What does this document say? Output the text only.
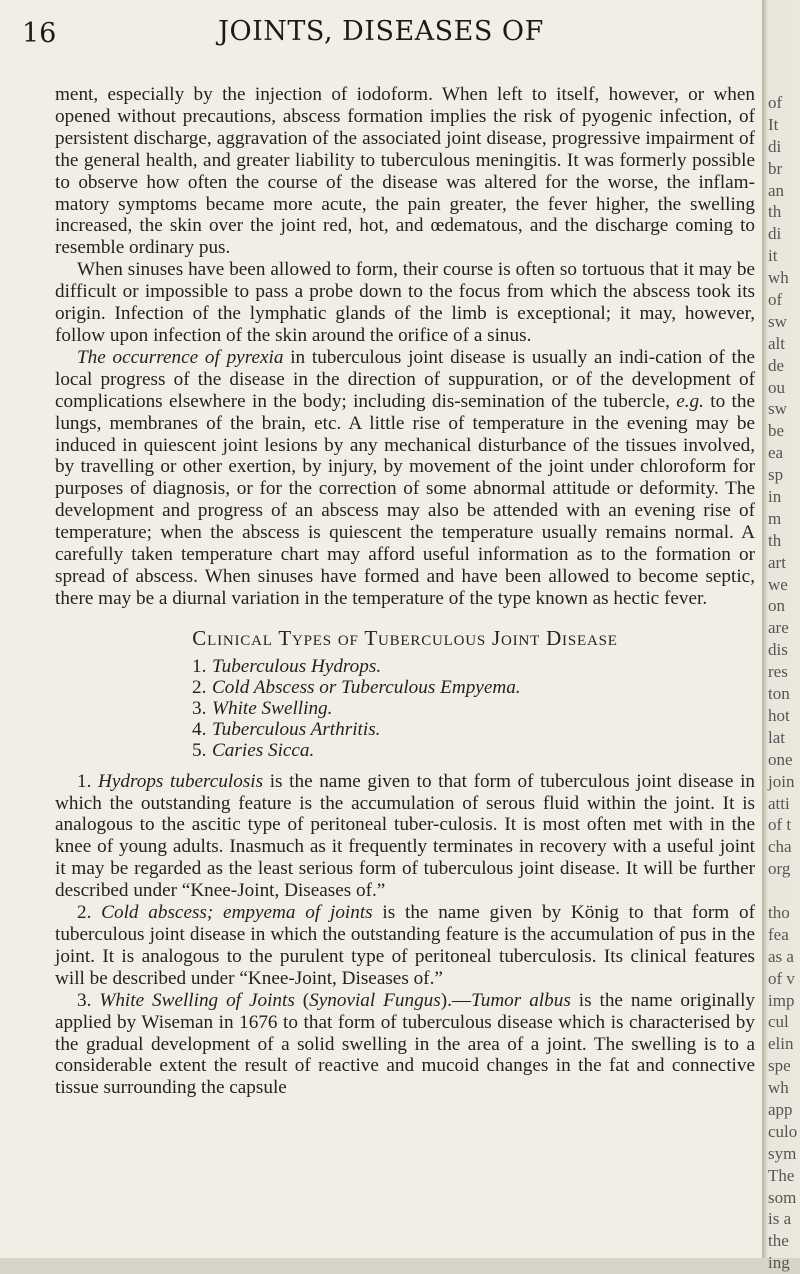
16	JOINTS, DISEASES OF

ment, especially by the injection of iodoform. When left to itself, however, or when opened without precautions, abscess formation implies the risk of pyogenic infection, of persistent discharge, aggravation of the associated joint disease, progressive impairment of the general health, and greater liability to tuberculous meningitis. It was formerly possible to observe how often the course of the disease was altered for the worse, the inflam-matory symptoms became more acute, the pain greater, the fever higher, the swelling increased, the skin over the joint red, hot, and œdematous, and the discharge coming to resemble ordinary pus.

When sinuses have been allowed to form, their course is often so tortuous that it may be difficult or impossible to pass a probe down to the focus from which the abscess took its origin. Infection of the lymphatic glands of the limb is exceptional; it may, however, follow upon infection of the skin around the orifice of a sinus.

The occurrence of pyrexia in tuberculous joint disease is usually an indi-cation of the local progress of the disease in the direction of suppuration, or of the development of complications elsewhere in the body; including dis-semination of the tubercle, e.g. to the lungs, membranes of the brain, etc. A little rise of temperature in the evening may be induced in quiescent joint lesions by any mechanical disturbance of the tissues involved, by travelling or other exertion, by injury, by movement of the joint under chloroform for purposes of diagnosis, or for the correction of some abnormal attitude or deformity. The development and progress of an abscess may also be attended with an evening rise of temperature; when the abscess is quiescent the temperature usually remains normal. A carefully taken temperature chart may afford useful information as to the formation or spread of abscess. When sinuses have formed and have been allowed to become septic, there may be a diurnal variation in the temperature of the type known as hectic fever.

Clinical Types of Tuberculous Joint Disease
1. Tuberculous Hydrops.
2. Cold Abscess or Tuberculous Empyema.
3. White Swelling.
4. Tuberculous Arthritis.
5. Caries Sicca.

1. Hydrops tuberculosis is the name given to that form of tuberculous joint disease in which the outstanding feature is the accumulation of serous fluid within the joint. It is analogous to the ascitic type of peritoneal tuber-culosis. It is most often met with in the knee of young adults. Inasmuch as it frequently terminates in recovery with a useful joint it may be regarded as the least serious form of tuberculous joint disease. It will be further described under “Knee-Joint, Diseases of.”

2. Cold abscess; empyema of joints is the name given by König to that form of tuberculous joint disease in which the outstanding feature is the accumulation of pus in the joint. It is analogous to the purulent type of peritoneal tuberculosis. Its clinical features will be described under “Knee-Joint, Diseases of.”

3. White Swelling of Joints (Synovial Fungus).—Tumor albus is the name originally applied by Wiseman in 1676 to that form of tuberculous disease which is characterised by the gradual development of a solid swelling in the area of a joint. The swelling is to a considerable extent the result of reactive and mucoid changes in the fat and connective tissue surrounding the capsule

of
It
di
br
an
th
di
it
wh
of
sw
alt
de
ou
sw
be
ea
sp
in
m
th
art
we
on
are
dis
res
ton
hot
lat
one
join
atti
of t
cha
org
tho
fea
as a
of v
imp
cul
elin
spe
wh
app
culo
sym
The
som
is a
the
ing
